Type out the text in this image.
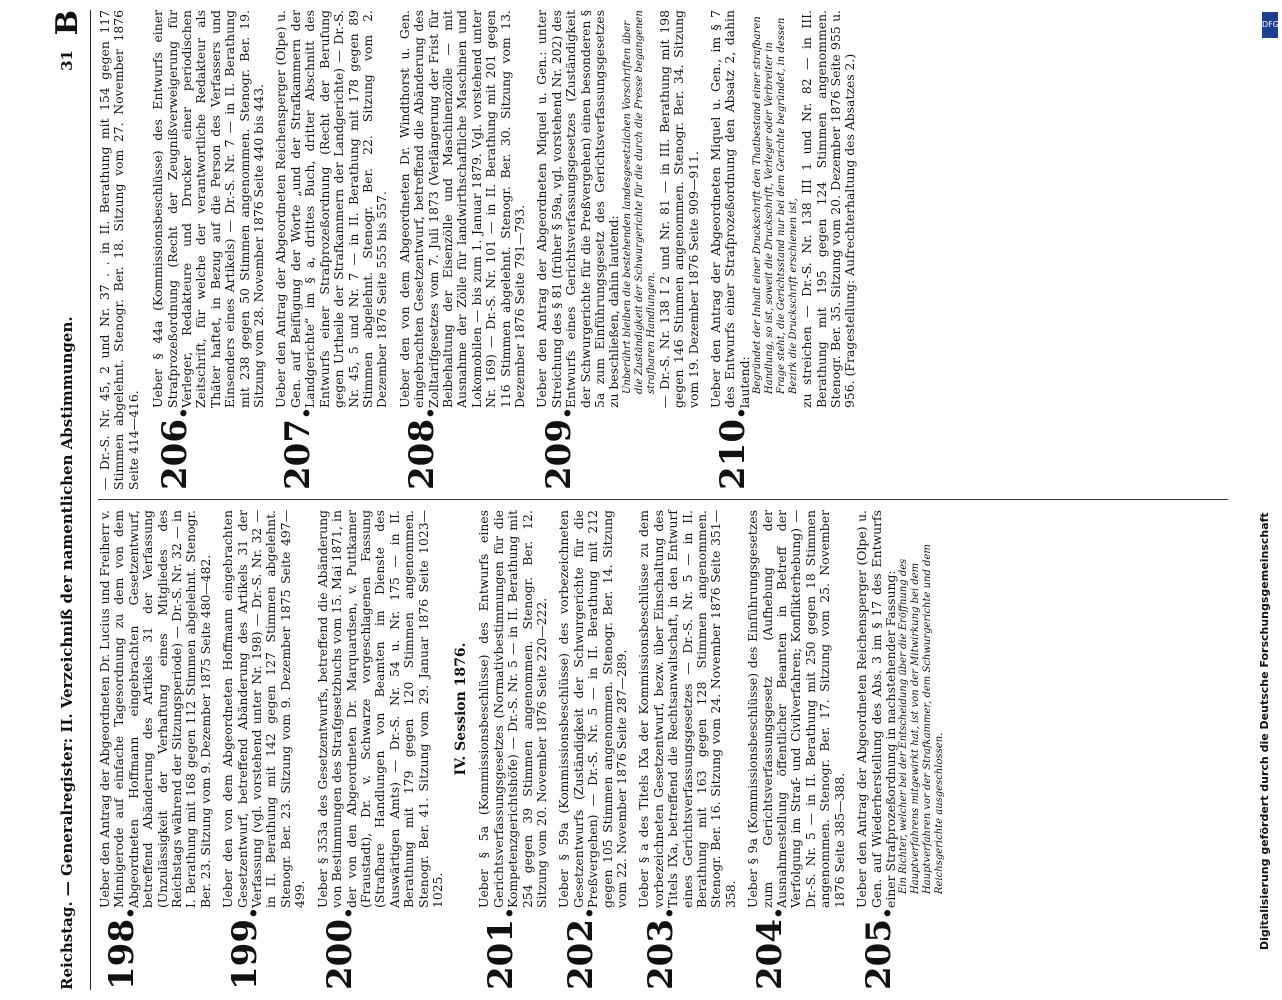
Reichstag. — Generalregister: II. Verzeichniß der namentlichen Abstimmungen.
31
B
198.
Ueber den Antrag der Abgeordneten Dr. Lucius und Freiherr v. Minnigerode auf einfache Tagesordnung zu dem von dem Abgeordneten Hoffmann eingebrachten Gesetzentwurf, betreffend Abänderung des Artikels 31 der Verfassung (Unzulässigkeit der Verhaftung eines Mitgliedes des Reichstags während der Sitzungsperiode) — Dr.-S. Nr. 32 — in I. Berathung mit 168 gegen 112 Stimmen abgelehnt. Stenogr. Ber. 23. Sitzung vom 9. Dezember 1875 Seite 480—482.
199.
Ueber den von dem Abgeordneten Hoffmann eingebrachten Gesetzentwurf, betreffend Abänderung des Artikels 31 der Verfassung (vgl. vorstehend unter Nr. 198) — Dr.-S. Nr. 32 — in II. Berathung mit 142 gegen 127 Stimmen abgelehnt. Stenogr. Ber. 23. Sitzung vom 9. Dezember 1875 Seite 497—499.
200.
Ueber § 353a des Gesetzentwurfs, betreffend die Abänderung von Bestimmungen des Strafgesetzbuchs vom 15. Mai 1871, in der von den Abgeordneten Dr. Marquardsen, v. Puttkamer (Fraustadt), Dr. v. Schwarze vorgeschlagenen Fassung (Strafbare Handlungen von Beamten im Dienste des Auswärtigen Amts) — Dr.-S. Nr. 54 u. Nr. 175 — in II. Berathung mit 179 gegen 120 Stimmen angenommen. Stenogr. Ber. 41. Sitzung vom 29. Januar 1876 Seite 1023—1025.
IV. Session 1876.
201.
Ueber § 5a (Kommissionsbeschlüsse) des Entwurfs eines Gerichtsverfassungsgesetzes (Normativbestimmungen für die Kompetenzgerichtshöfe) — Dr.-S. Nr. 5 — in II. Berathung mit 254 gegen 39 Stimmen angenommen. Stenogr. Ber. 12. Sitzung vom 20. November 1876 Seite 220—222.
202.
Ueber § 59a (Kommissionsbeschlüsse) des vorbezeichneten Gesetzentwurfs (Zuständigkeit der Schwurgerichte für die Preßvergehen) — Dr.-S. Nr. 5 — in II. Berathung mit 212 gegen 105 Stimmen angenommen. Stenogr. Ber. 14. Sitzung vom 22. November 1876 Seite 287—289.
203.
Ueber § a des Titels IXa der Kommissionsbeschlüsse zu dem vorbezeichneten Gesetzentwurf, bezw. über Einschaltung des Titels IXa, betreffend die Rechtsanwaltschaft, in den Entwurf eines Gerichtsverfassungsgesetzes — Dr.-S. Nr. 5 — in II. Berathung mit 163 gegen 128 Stimmen angenommen. Stenogr. Ber. 16. Sitzung vom 24. November 1876 Seite 351—358.
204.
Ueber § 9a (Kommissionsbeschlüsse) des Einführungsgesetzes zum Gerichtsverfassungsgesetz (Aufhebung der Ausnahmestellung öffentlicher Beamten in Betreff der Verfolgung im Straf- und Civilverfahren; Konflikterhebung) — Dr.-S. Nr. 5 — in II. Berathung mit 250 gegen 18 Stimmen angenommen. Stenogr. Ber. 17. Sitzung vom 25. November 1876 Seite 385—388.
205.
Ueber den Antrag der Abgeordneten Reichensperger (Olpe) u. Gen. auf Wiederherstellung des Abs. 3 im § 17 des Entwurfs einer Strafprozeßordnung in nachstehender Fassung: Ein Richter, welcher bei der Entscheidung über die Eröffnung des Hauptverfahrens mitgewirkt hat, ist von der Mitwirkung bei dem Hauptverfahren vor der Strafkammer, dem Schwurgerichte und dem Reichsgerichte ausgeschlossen.
— Dr.-S. Nr. 45, 2 und Nr. 37 . . in II. Berathung mit 154 gegen 117 Stimmen abgelehnt. Stenogr. Ber. 18. Sitzung vom 27. November 1876 Seite 414—416. 206.
Ueber § 44a (Kommissionsbeschlüsse) des Entwurfs einer Strafprozeßordnung (Recht der Zeugnißverweigerung für Verleger, Redakteure und Drucker einer periodischen Zeitschrift, für welche der verantwortliche Redakteur als Thäter haftet, in Bezug auf die Person des Verfassers und Einsenders eines Artikels) — Dr.-S. Nr. 7 — in II. Berathung mit 238 gegen 50 Stimmen angenommen. Stenogr. Ber. 19. Sitzung vom 28. November 1876 Seite 440 bis 443.
207.
Ueber den Antrag der Abgeordneten Reichensperger (Olpe) u. Gen. auf Beifügung der Worte „und der Strafkammern der Landgerichte“ im § a, drittes Buch, dritter Abschnitt des Entwurfs einer Strafprozeßordnung (Recht der Berufung gegen Urtheile der Strafkammern der Landgerichte) — Dr.-S. Nr. 45, 5 und Nr. 7 — in II. Berathung mit 178 gegen 89 Stimmen abgelehnt. Stenogr. Ber. 22. Sitzung vom 2. Dezember 1876 Seite 555 bis 557.
208.
Ueber den von dem Abgeordneten Dr. Windthorst u. Gen. eingebrachten Gesetzentwurf, betreffend die Abänderung des Zolltarifgesetzes vom 7. Juli 1873 (Verlängerung der Frist für Beibehaltung der Eisenzölle und Maschinenzölle — mit Ausnahme der Zölle für landwirthschaftliche Maschinen und Lokomobilen — bis zum 1. Januar 1879. Vgl. vorstehend unter Nr. 169) — Dr.-S. Nr. 101 — in II. Berathung mit 201 gegen 116 Stimmen abgelehnt. Stenogr. Ber. 30. Sitzung vom 13. Dezember 1876 Seite 791—793.
209.
Ueber den Antrag der Abgeordneten Miquel u. Gen.: unter Streichung des § 81 (früher § 59a, vgl. vorstehend Nr. 202) des Entwurfs eines Gerichtsverfassungsgesetzes (Zuständigkeit der Schwurgerichte für die Preßvergehen) einen besonderen § 5a zum Einführungsgesetz des Gerichtsverfassungsgesetzes zu beschließen, dahin lautend: Unberührt bleiben die bestehenden landesgesetzlichen Vorschriften über die Zuständigkeit der Schwurgerichte für die durch die Presse begangenen strafbaren Handlungen. — Dr.-S. Nr. 138 I 2 und Nr. 81 — in III. Berathung mit 198 gegen 146 Stimmen angenommen. Stenogr. Ber. 34. Sitzung vom 19. Dezember 1876 Seite 909—911.
210.
Ueber den Antrag der Abgeordneten Miquel u. Gen., im § 7 des Entwurfs einer Strafprozeßordnung den Absatz 2, dahin lautend: Begründet der Inhalt einer Druckschrift den Thatbestand einer strafbaren Handlung, so ist, soweit die Druckschrift, Verleger oder Verbreiter in Frage steht, die Gerichtsstand nur bei dem Gerichte begründet, in dessen Bezirk die Druckschrift erschienen ist, zu streichen — Dr.-S. Nr. 138 III 1 und Nr. 82 — in III. Berathung mit 195 gegen 124 Stimmen angenommen. Stenogr. Ber. 35. Sitzung vom 20. Dezember 1876 Seite 955 u. 956. (Fragestellung: Aufrechterhaltung des Absatzes 2.)
DFG
Digitalisierung gefördert durch die Deutsche Forschungsgemeinschaft
